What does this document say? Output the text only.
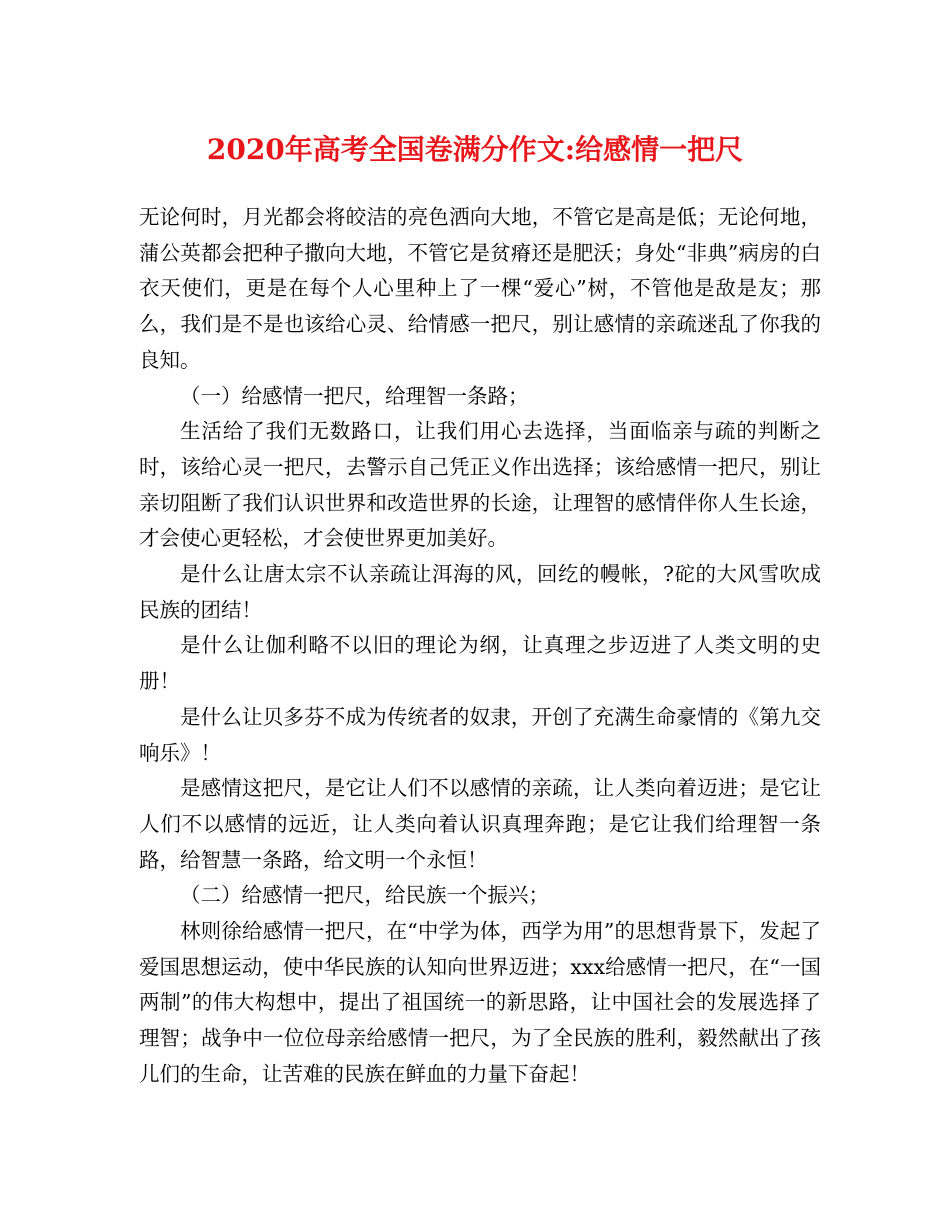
2020年高考全国卷满分作文:给感情一把尺

无论何时，月光都会将皎洁的亮色洒向大地，不管它是高是低；无论何地，蒲公英都会把种子撒向大地，不管它是贫瘠还是肥沃；身处“非典”病房的白衣天使们，更是在每个人心里种上了一棵“爱心”树，不管他是敌是友；那么，我们是不是也该给心灵、给情感一把尺，别让感情的亲疏迷乱了你我的良知。

（一）给感情一把尺，给理智一条路；

生活给了我们无数路口，让我们用心去选择，当面临亲与疏的判断之时，该给心灵一把尺，去警示自己凭正义作出选择；该给感情一把尺，别让亲切阻断了我们认识世界和改造世界的长途，让理智的感情伴你人生长途，才会使心更轻松，才会使世界更加美好。

是什么让唐太宗不认亲疏让洱海的风，回纥的幔帐，?砣的大风雪吹成民族的团结！

是什么让伽利略不以旧的理论为纲，让真理之步迈进了人类文明的史册！

是什么让贝多芬不成为传统者的奴隶，开创了充满生命豪情的《第九交响乐》！

是感情这把尺，是它让人们不以感情的亲疏，让人类向着迈进；是它让人们不以感情的远近，让人类向着认识真理奔跑；是它让我们给理智一条路，给智慧一条路，给文明一个永恒！

（二）给感情一把尺，给民族一个振兴；

林则徐给感情一把尺，在“中学为体，西学为用”的思想背景下，发起了爱国思想运动，使中华民族的认知向世界迈进；xxx给感情一把尺，在“一国两制”的伟大构想中，提出了祖国统一的新思路，让中国社会的发展选择了理智；战争中一位位母亲给感情一把尺，为了全民族的胜利，毅然献出了孩儿们的生命，让苦难的民族在鲜血的力量下奋起！
